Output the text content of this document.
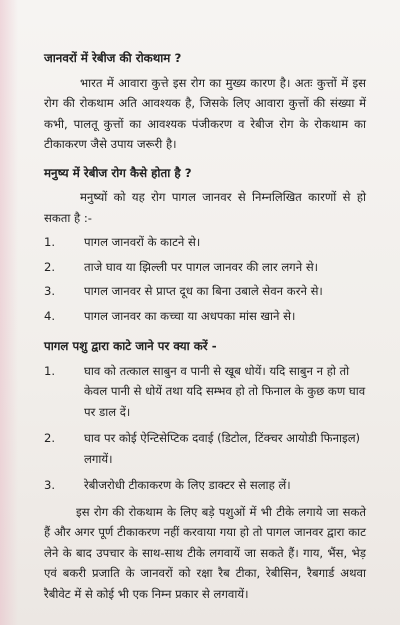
जानवरों में रेबीज की रोकथाम ?

भारत में आवारा कुत्ते इस रोग का मुख्य कारण है। अतः कुत्तों में इस रोग की रोकथाम अति आवश्यक है, जिसके लिए आवारा कुत्तों की संख्या में कभी, पालतू कुत्तों का आवश्यक पंजीकरण व रेबीज रोग के रोकथाम का टीकाकरण जैसे उपाय जरूरी है।

मनुष्य में रेबीज रोग कैसे होता है ?

मनुष्यों को यह रोग पागल जानवर से निम्नलिखित कारणों से हो सकता है :-

1.	पागल जानवरों के काटने से।
2.	ताजे घाव या झिल्ली पर पागल जानवर की लार लगने से।
3.	पागल जानवर से प्राप्त दूध का बिना उबाले सेवन करने से।
4.	पागल जानवर का कच्चा या अधपका मांस खाने से।

पागल पशु द्वारा काटे जाने पर क्या करें -

1.	घाव को तत्काल साबुन व पानी से खूब धोयें। यदि साबुन न हो तो केवल पानी से धोयें तथा यदि सम्भव हो तो फिनाल के कुछ कण घाव पर डाल दें।
2.	घाव पर कोई ऐन्टिसेप्टिक दवाई (डिटोल, टिंक्चर आयोडी फिनाइल) लगायें।
3.	रेबीजरोधी टीकाकरण के लिए डाक्टर से सलाह लें।

इस रोग की रोकथाम के लिए बड़े पशुओं में भी टीके लगाये जा सकते हैं और अगर पूर्ण टीकाकरण नहीं करवाया गया हो तो पागल जानवर द्वारा काट लेने के बाद उपचार के साथ-साथ टीके लगवायें जा सकते हैं। गाय, भैंस, भेड़ एवं बकरी प्रजाति के जानवरों को रक्षा रैब टीका, रेबीसिन, रैबगार्ड अथवा रैबीवेट में से कोई भी एक निम्न प्रकार से लगवायें।
